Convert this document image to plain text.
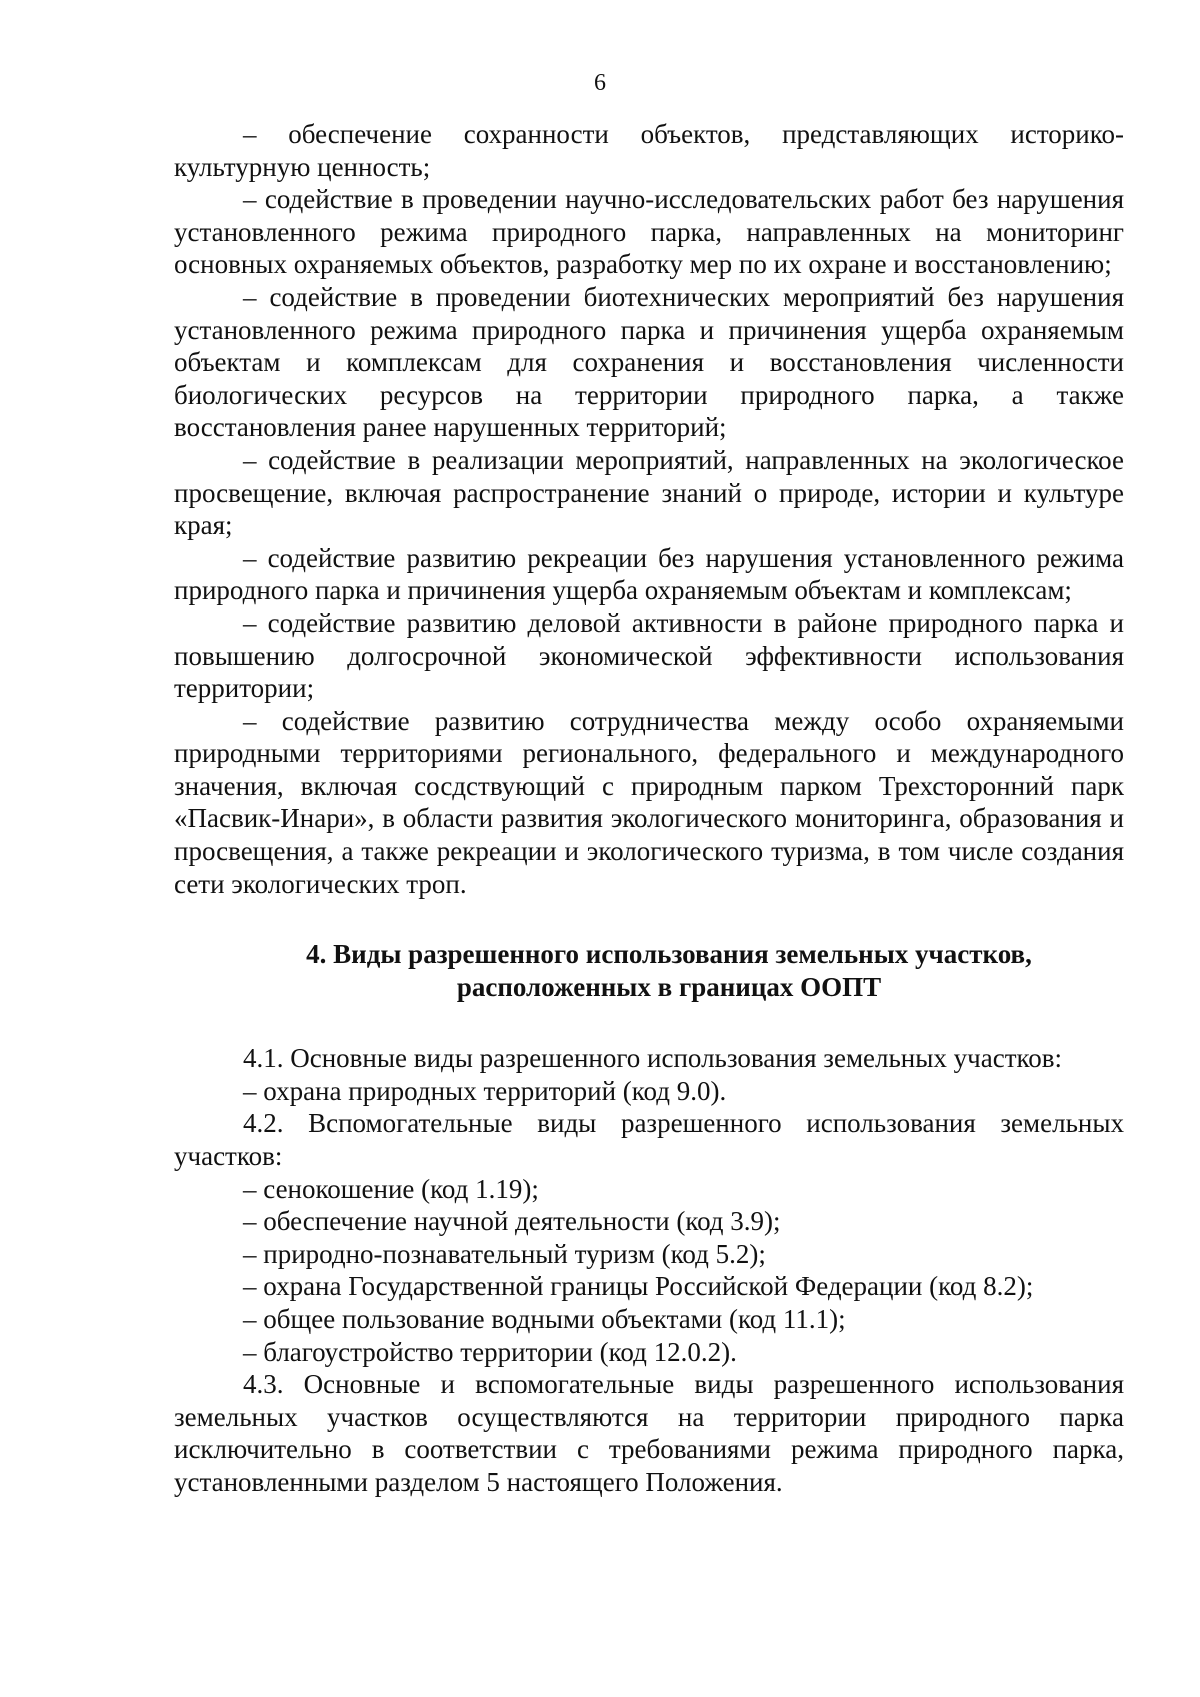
6

– обеспечение сохранности объектов, представляющих историко-культурную ценность;

– содействие в проведении научно-исследовательских работ без нарушения установленного режима природного парка, направленных на мониторинг основных охраняемых объектов, разработку мер по их охране и восстановлению;

– содействие в проведении биотехнических мероприятий без нарушения установленного режима природного парка и причинения ущерба охраняемым объектам и комплексам для сохранения и восстановления численности биологических ресурсов на территории природного парка, а также восстановления ранее нарушенных территорий;

– содействие в реализации мероприятий, направленных на экологическое просвещение, включая распространение знаний о природе, истории и культуре края;

– содействие развитию рекреации без нарушения установленного режима природного парка и причинения ущерба охраняемым объектам и комплексам;

– содействие развитию деловой активности в районе природного парка и повышению долгосрочной экономической эффективности использования территории;

– содействие развитию сотрудничества между особо охраняемыми природными территориями регионального, федерального и международного значения, включая сосдствующий с природным парком Трехсторонний парк «Пасвик-Инари», в области развития экологического мониторинга, образования и просвещения, а также рекреации и экологического туризма, в том числе создания сети экологических троп.

4. Виды разрешенного использования земельных участков,
расположенных в границах ООПТ

4.1. Основные виды разрешенного использования земельных участков:

– охрана природных территорий (код 9.0).

4.2. Вспомогательные виды разрешенного использования земельных участков:

– сенокошение (код 1.19);

– обеспечение научной деятельности (код 3.9);

– природно-познавательный туризм (код 5.2);

– охрана Государственной границы Российской Федерации (код 8.2);

– общее пользование водными объектами (код 11.1);

– благоустройство территории (код 12.0.2).

4.3. Основные и вспомогательные виды разрешенного использования земельных участков осуществляются на территории природного парка исключительно в соответствии с требованиями режима природного парка, установленными разделом 5 настоящего Положения.
